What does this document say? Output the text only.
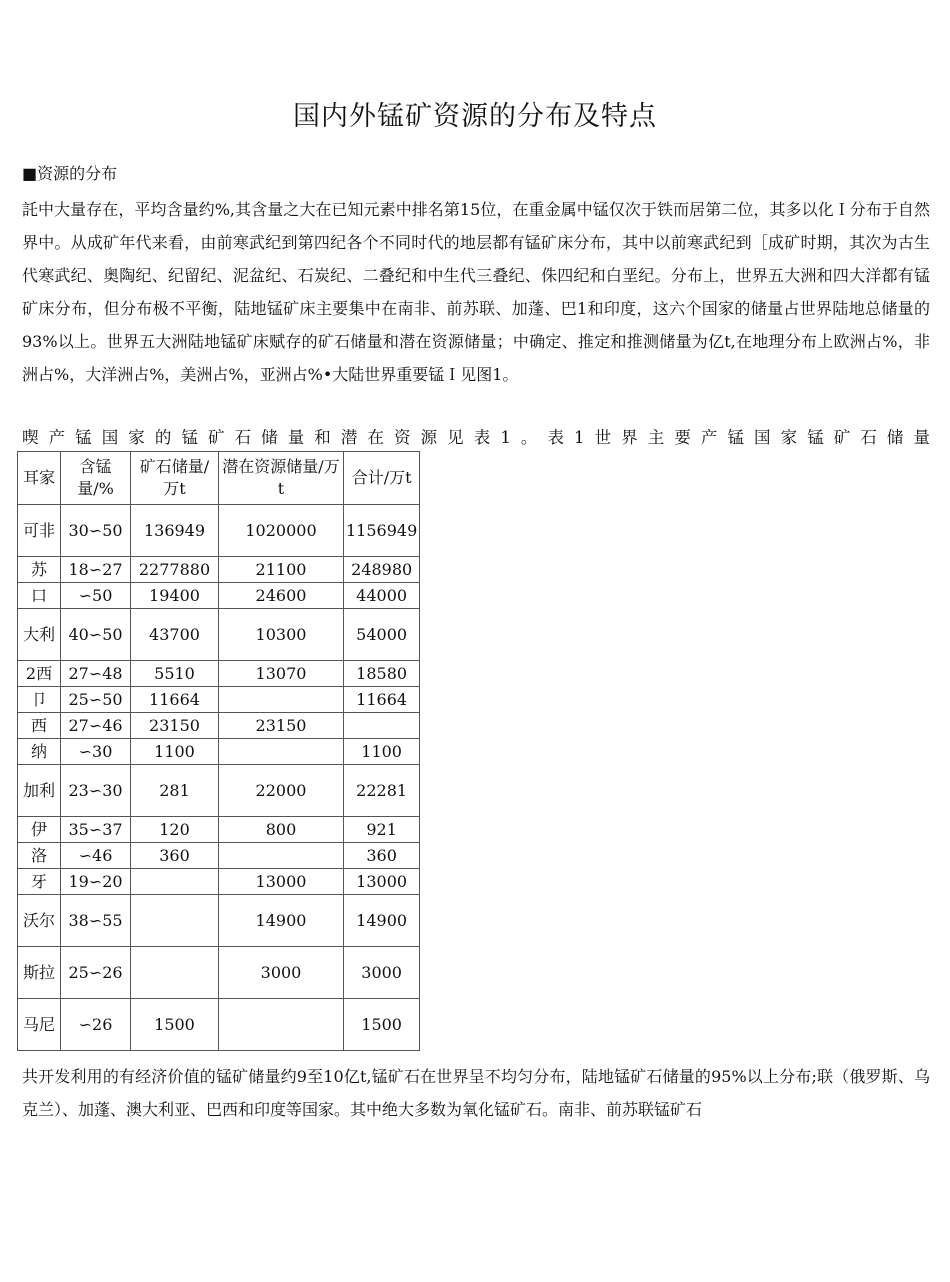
国内外锰矿资源的分布及特点
■资源的分布

託中大量存在，平均含量约%,其含量之大在已知元素中排名第15位，在重金属中锰仅次于铁而居第二位，其多以化Ｉ分布于自然界中。从成矿年代来看，由前寒武纪到第四纪各个不同时代的地层都有锰矿床分布，其中以前寒武纪到［成矿时期，其次为古生代寒武纪、奥陶纪、纪留纪、泥盆纪、石炭纪、二叠纪和中生代三叠纪、侏四纪和白垩纪。分布上，世界五大洲和四大洋都有锰矿床分布，但分布极不平衡，陆地锰矿床主要集中在南非、前苏联、加蓬、巴1和印度，这六个国家的储量占世界陆地总储量的93%以上。世界五大洲陆地锰矿床赋存的矿石储量和潜在资源储量；中确定、推定和推测储量为亿t,在地理分布上欧洲占%，非洲占%，大洋洲占%，美洲占%，亚洲占%•大陆世界重要锰Ｉ见图1。

喫产锰国家的锰矿石储量和潜在资源见表1。表1世界主要产锰国家锰矿石储量
耳家	含锰量/%	矿石储量/万t	潜在资源储量/万t	合计/万t
可非	30∽50	136949	1020000	1156949
苏	18∽27	2277880	21100	248980
口	∽50	19400	24600	44000
大利	40∽50	43700	10300	54000
2西	27∽48	5510	13070	18580
卩	25∽50	11664		11664
西	27∽46	23150	23150	
纳	∽30	1100		1100
加利	23∽30	281	22000	22281
伊	35∽37	120	800	921
洛	∽46	360		360
牙	19∽20		13000	13000
沃尔	38∽55		14900	14900
斯拉	25∽26		3000	3000
马尼	∽26	1500		1500

共开发利用的有经济价值的锰矿储量约9至10亿t,锰矿石在世界呈不均匀分布，陆地锰矿石储量的95%以上分布;联（俄罗斯、乌克兰）、加蓬、澳大利亚、巴西和印度等国家。其中绝大多数为氧化锰矿石。南非、前苏联锰矿石
